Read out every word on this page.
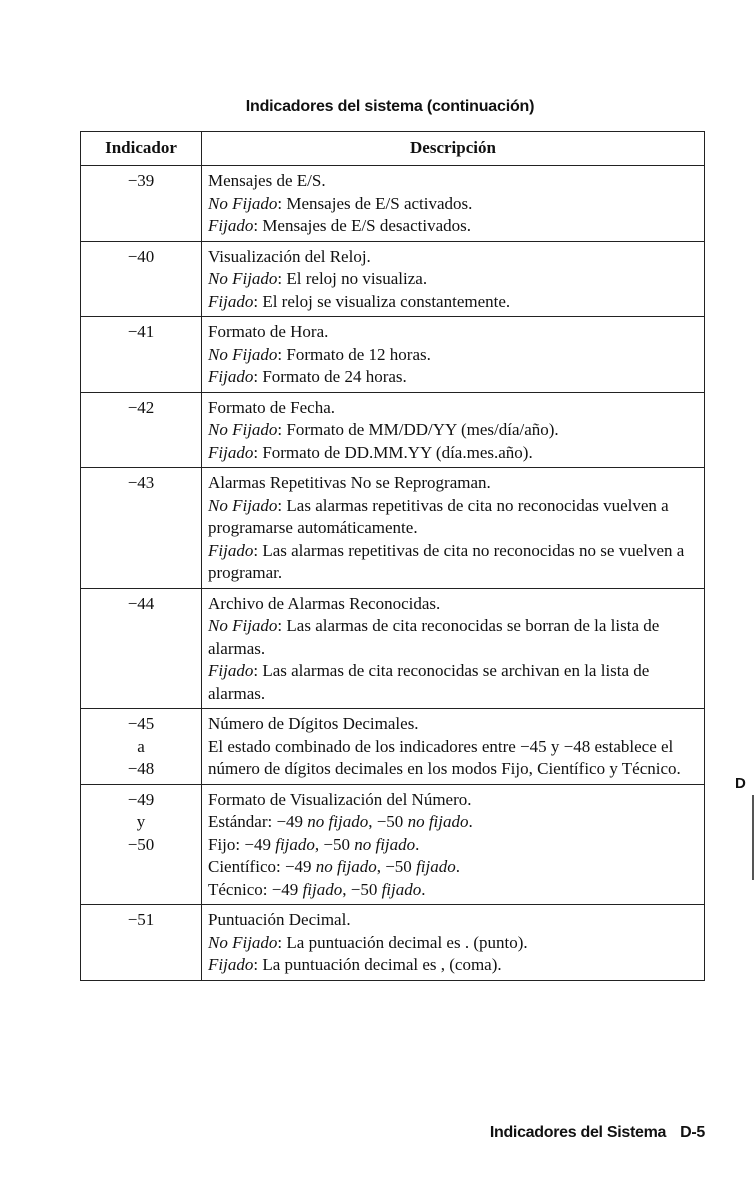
Indicadores del sistema (continuación)
Indicador	Descripción

−39	Mensajes de E/S.
No Fijado: Mensajes de E/S activados.
Fijado: Mensajes de E/S desactivados.

−40	Visualización del Reloj.
No Fijado: El reloj no visualiza.
Fijado: El reloj se visualiza constantemente.

−41	Formato de Hora.
No Fijado: Formato de 12 horas.
Fijado: Formato de 24 horas.

−42	Formato de Fecha.
No Fijado: Formato de MM/DD/YY (mes/día/año).
Fijado: Formato de DD.MM.YY (día.mes.año).

−43	Alarmas Repetitivas No se Reprograman.
No Fijado: Las alarmas repetitivas de cita no reconocidas vuelven a programarse automáticamente.
Fijado: Las alarmas repetitivas de cita no reconocidas no se vuelven a programar.

−44	Archivo de Alarmas Reconocidas.
No Fijado: Las alarmas de cita reconocidas se borran de la lista de alarmas.
Fijado: Las alarmas de cita reconocidas se archivan en la lista de alarmas.

−45
a
−48	Número de Dígitos Decimales.
El estado combinado de los indicadores entre −45 y −48 establece el número de dígitos decimales en los modos Fijo, Científico y Técnico.

−49
y
−50	Formato de Visualización del Número.
Estándar: −49 no fijado, −50 no fijado.
Fijo: −49 fijado, −50 no fijado.
Científico: −49 no fijado, −50 fijado.
Técnico: −49 fijado, −50 fijado.

−51	Puntuación Decimal.
No Fijado: La puntuación decimal es . (punto).
Fijado: La puntuación decimal es , (coma).
D
Indicadores del Sistema D-5
